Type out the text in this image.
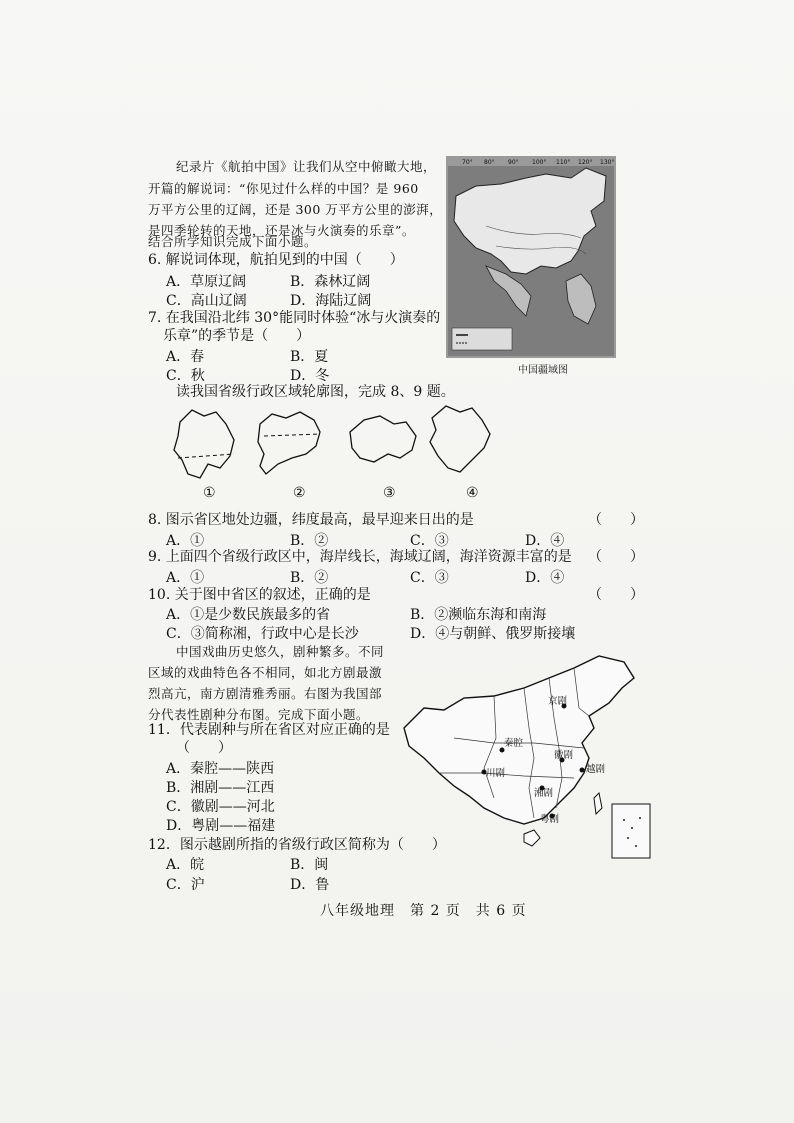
纪录片《航拍中国》让我们从空中俯瞰大地，
开篇的解说词：“你见过什么样的中国？是 960
万平方公里的辽阔，还是 300 万平方公里的澎湃，
是四季轮转的天地，还是冰与火演奏的乐章”。
结合所学知识完成下面小题。
70° 80° 90° 100° 110° 120° 130°
中国疆域图
6. 解说词体现，航拍见到的中国（　　）
A．草原辽阔	B．森林辽阔
C．高山辽阔	D．海陆辽阔
7. 在我国沿北纬 30°能同时体验“冰与火演奏的
乐章”的季节是（　　）
A．春	B．夏
C．秋	D．冬
读我国省级行政区域轮廓图，完成 8、9 题。
①	②	③	④
8. 图示省区地处边疆，纬度最高，最早迎来日出的是	（　　）
A．①	B．②	C．③	D．④
9. 上面四个省级行政区中，海岸线长，海域辽阔，海洋资源丰富的是 （　　）
A．①	B．②	C．③	D．④
10. 关于图中省区的叙述，正确的是	（　　）
A．①是少数民族最多的省	B．②濒临东海和南海
C．③简称湘，行政中心是长沙	D．④与朝鲜、俄罗斯接壤
中国戏曲历史悠久，剧种繁多。不同
区域的戏曲特色各不相同，如北方剧最激
烈高亢，南方剧清雅秀丽。右图为我国部
分代表性剧种分布图。完成下面小题。
11．代表剧种与所在省区对应正确的是
（　　）
A．秦腔——陕西
B．湘剧——江西
C．徽剧——河北
D．粤剧——福建
12．图示越剧所指的省级行政区简称为（　　）
A．皖	B．闽
C．沪	D．鲁
京剧
秦腔
川剧
徽剧
越剧
湘剧
粤剧
八年级地理　第 2 页　共 6 页
